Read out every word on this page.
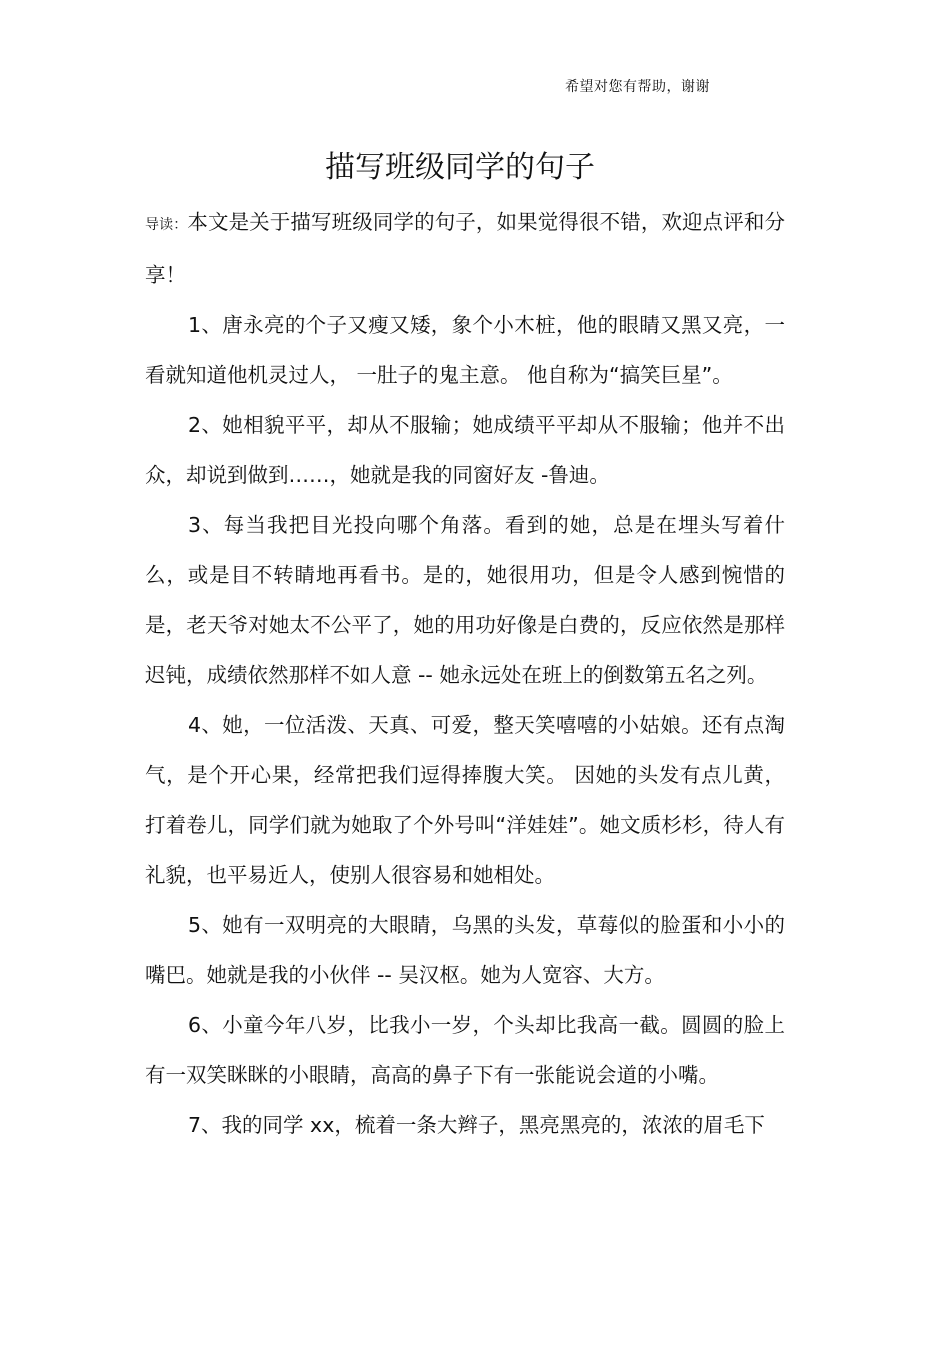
希望对您有帮助，谢谢
描写班级同学的句子

导读：本文是关于描写班级同学的句子，如果觉得很不错，欢迎点评和分享！

1、唐永亮的个子又瘦又矮，象个小木桩，他的眼睛又黑又亮，一看就知道他机灵过人， 一肚子的鬼主意。 他自称为“搞笑巨星”。

2、她相貌平平，却从不服输；她成绩平平却从不服输；他并不出众，却说到做到……，她就是我的同窗好友 -鲁迪。

3、每当我把目光投向哪个角落。看到的她，总是在埋头写着什么，或是目不转睛地再看书。是的，她很用功，但是令人感到惋惜的是，老天爷对她太不公平了，她的用功好像是白费的，反应依然是那样迟钝，成绩依然那样不如人意 -- 她永远处在班上的倒数第五名之列。

4、她，一位活泼、天真、可爱，整天笑嘻嘻的小姑娘。还有点淘气，是个开心果，经常把我们逗得捧腹大笑。 因她的头发有点儿黄，打着卷儿，同学们就为她取了个外号叫“洋娃娃”。她文质杉杉，待人有礼貌，也平易近人，使别人很容易和她相处。

5、她有一双明亮的大眼睛，乌黑的头发，草莓似的脸蛋和小小的嘴巴。她就是我的小伙伴 -- 吴汉枢。她为人宽容、大方。

6、小童今年八岁，比我小一岁，个头却比我高一截。圆圆的脸上有一双笑眯眯的小眼睛，高高的鼻子下有一张能说会道的小嘴。

7、我的同学 xx，梳着一条大辫子，黑亮黑亮的，浓浓的眉毛下
